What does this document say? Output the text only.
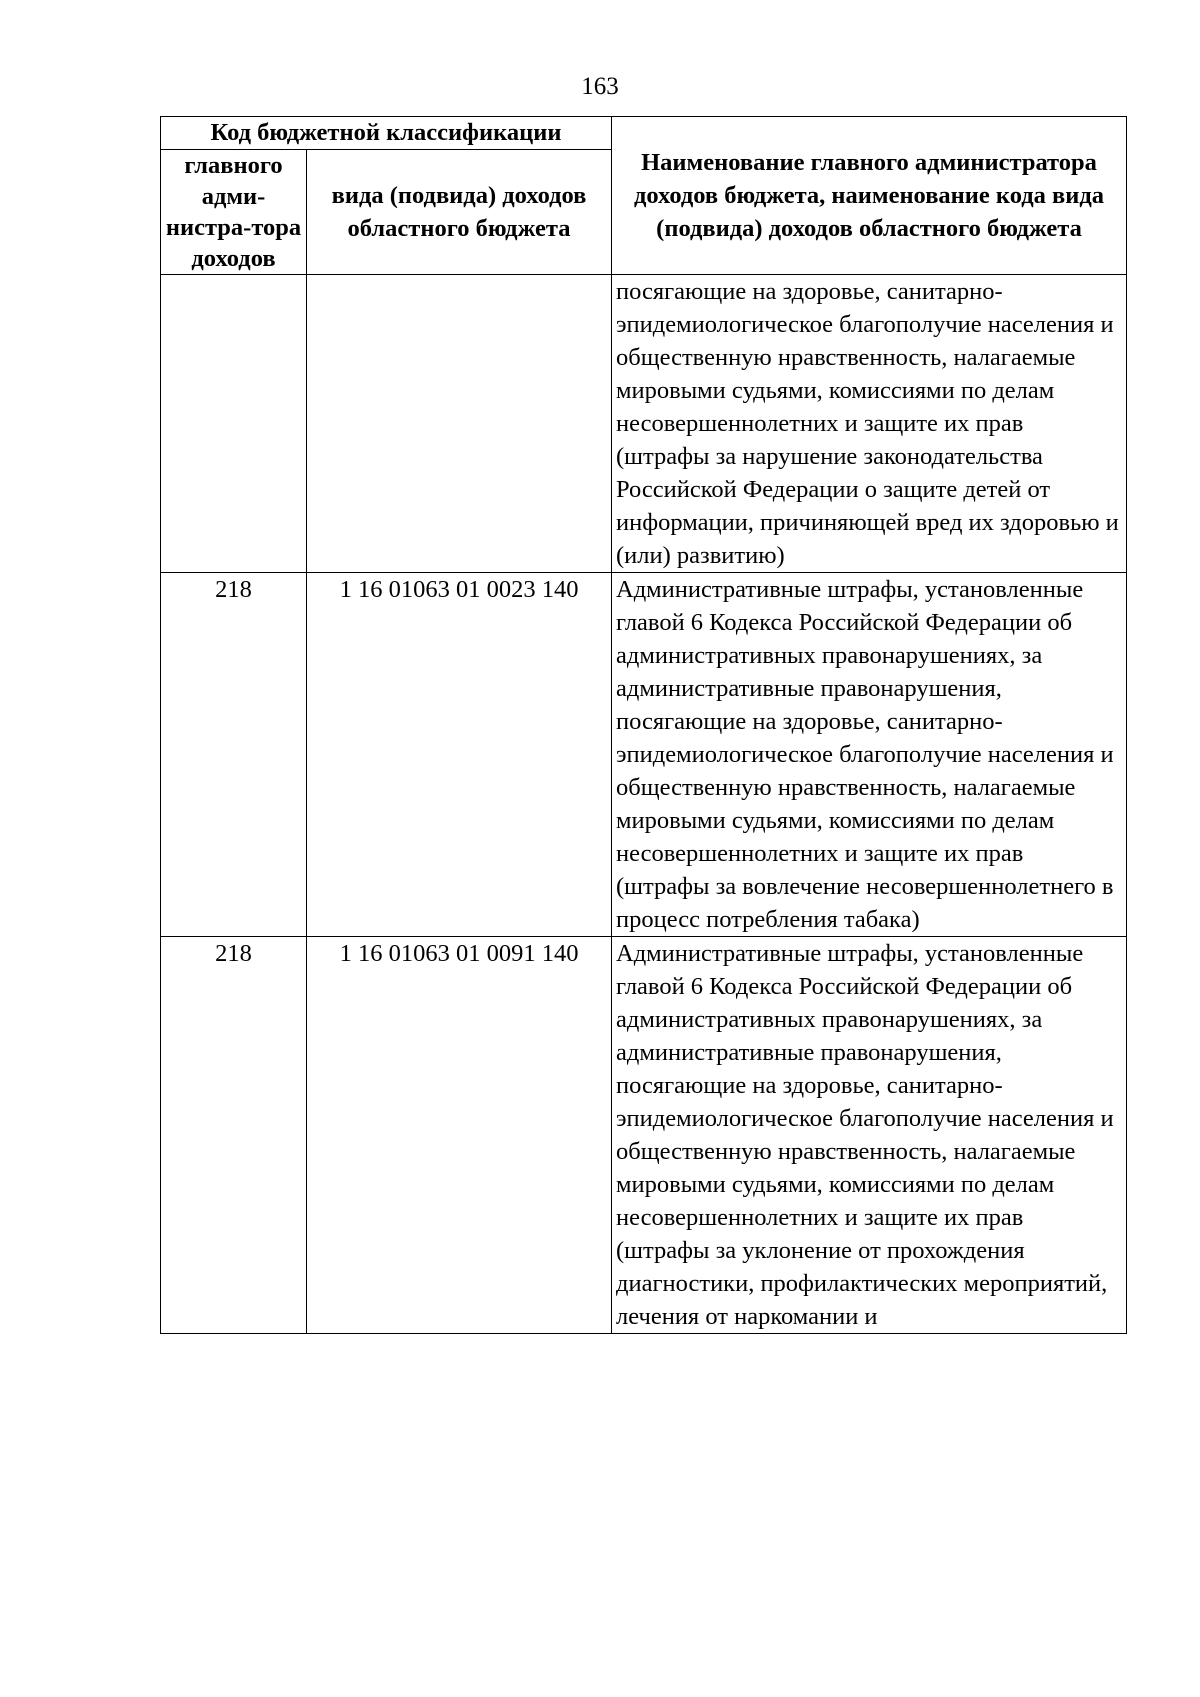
163
Код бюджетной классификации		Наименование главного администратора доходов бюджета, наименование кода вида (подвида) доходов областного бюджета
главного адми-нистра-тора доходов	вида (подвида) доходов областного бюджета	
		посягающие на здоровье, санитарно-эпидемиологическое благополучие населения и общественную нравственность, налагаемые мировыми судьями, комиссиями по делам несовершеннолетних и защите их прав (штрафы за нарушение законодательства Российской Федерации о защите детей от информации, причиняющей вред их здоровью и (или) развитию)
218	1 16 01063 01 0023 140	Административные штрафы, установленные главой 6 Кодекса Российской Федерации об административных правонарушениях, за административные правонарушения, посягающие на здоровье, санитарно-эпидемиологическое благополучие населения и общественную нравственность, налагаемые мировыми судьями, комиссиями по делам несовершеннолетних и защите их прав (штрафы за вовлечение несовершеннолетнего в процесс потребления табака)
218	1 16 01063 01 0091 140	Административные штрафы, установленные главой 6 Кодекса Российской Федерации об административных правонарушениях, за административные правонарушения, посягающие на здоровье, санитарно-эпидемиологическое благополучие населения и общественную нравственность, налагаемые мировыми судьями, комиссиями по делам несовершеннолетних и защите их прав (штрафы за уклонение от прохождения диагностики, профилактических мероприятий, лечения от наркомании и
